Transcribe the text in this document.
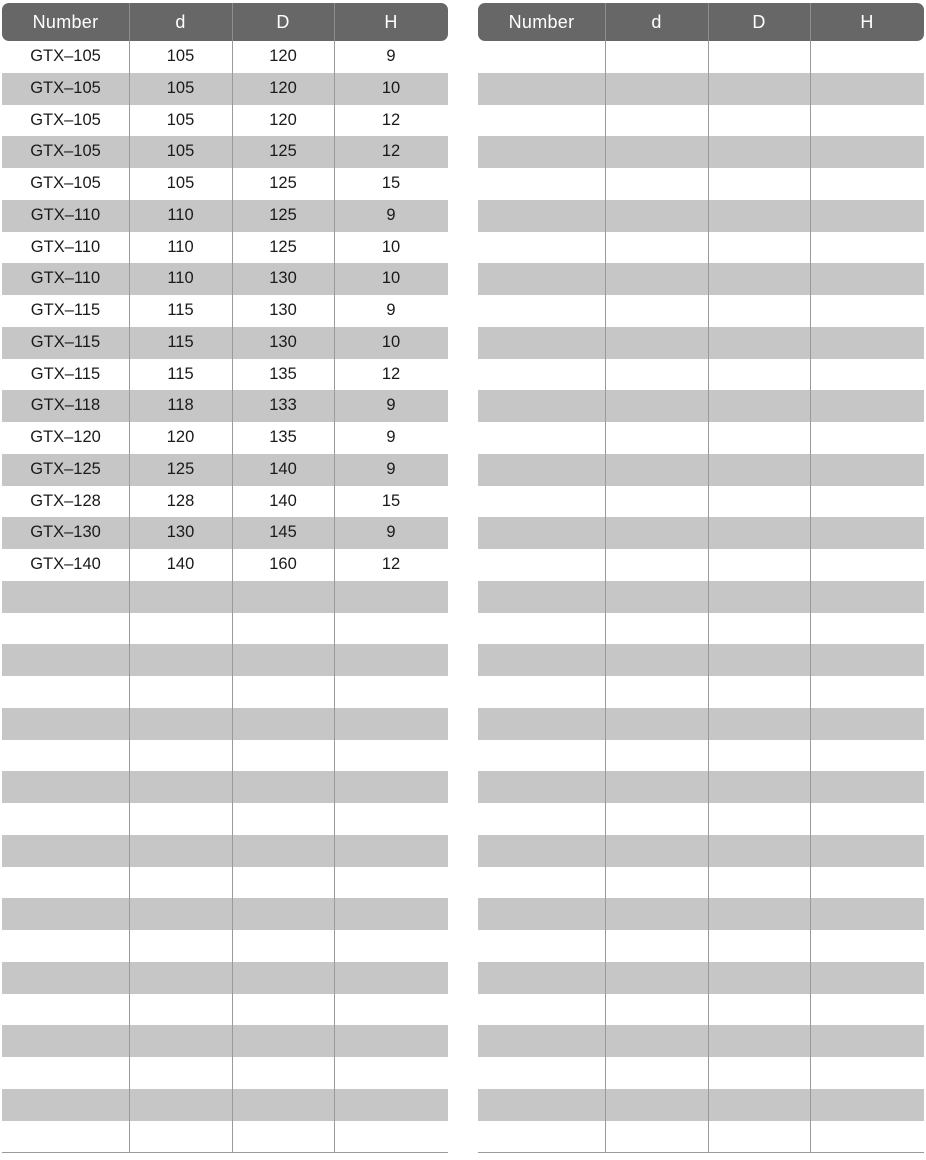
Number	d	D	H
GTX–105	105	120	9
GTX–105	105	120	10
GTX–105	105	120	12
GTX–105	105	125	12
GTX–105	105	125	15
GTX–110	110	125	9
GTX–110	110	125	10
GTX–110	110	130	10
GTX–115	115	130	9
GTX–115	115	130	10
GTX–115	115	135	12
GTX–118	118	133	9
GTX–120	120	135	9
GTX–125	125	140	9
GTX–128	128	140	15
GTX–130	130	145	9
GTX–140	140	160	12
Number	d	D	H
